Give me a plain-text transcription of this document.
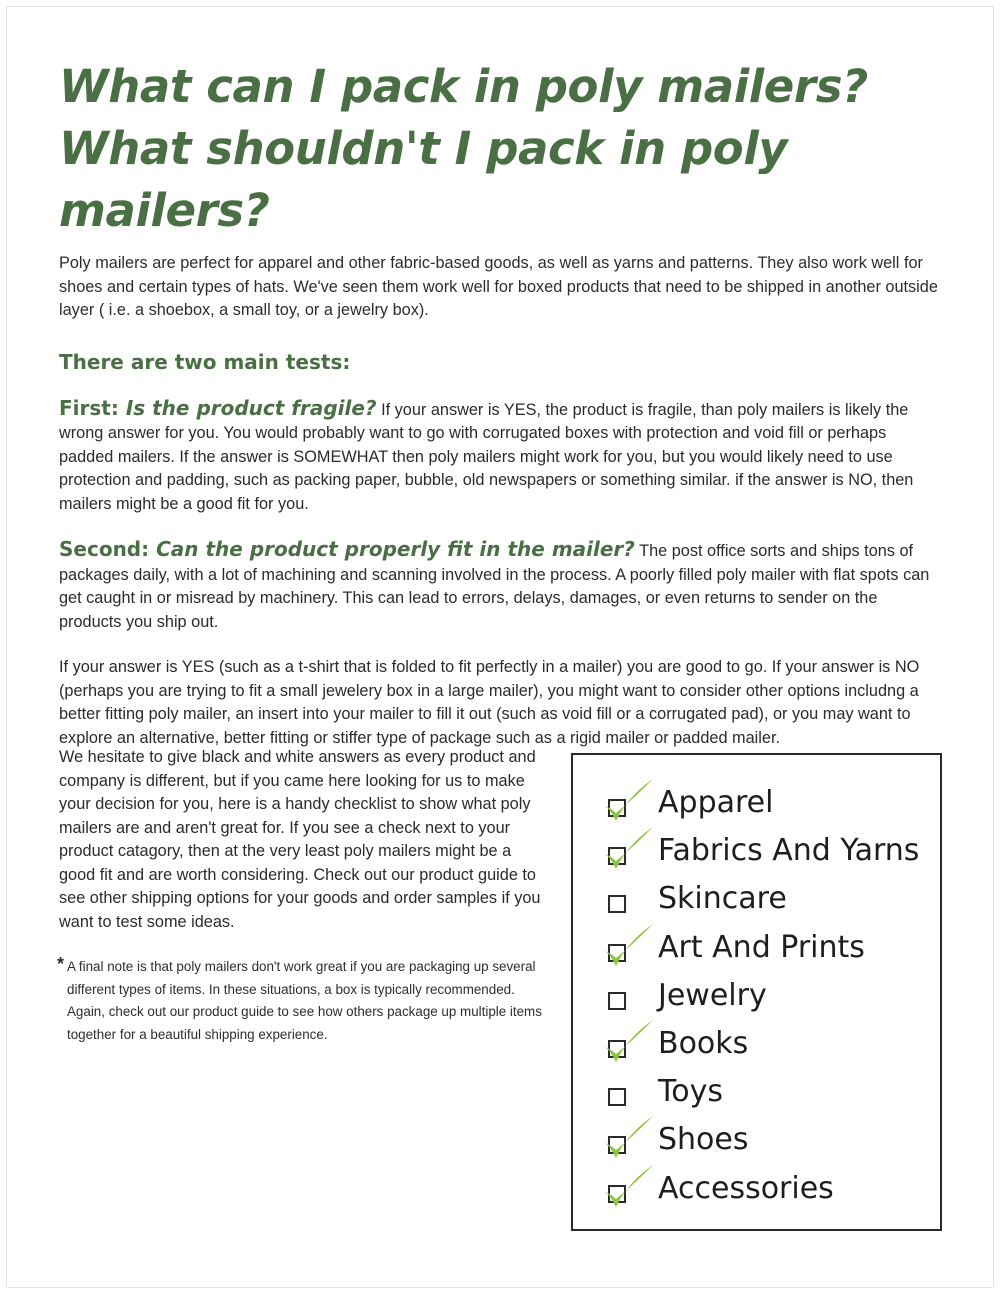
What can I pack in poly mailers?
What shouldn't I pack in poly mailers?

Poly mailers are perfect for apparel and other fabric-based goods, as well as yarns and patterns. They also work well for shoes and certain types of hats. We've seen them work well for boxed products that need to be shipped in another outside layer ( i.e. a shoebox, a small toy, or a jewelry box).

There are two main tests:

First: Is the product fragile? If your answer is YES, the product is fragile, than poly mailers is likely the wrong answer for you. You would probably want to go with corrugated boxes with protection and void fill or perhaps padded mailers. If the answer is SOMEWHAT then poly mailers might work for you, but you would likely need to use protection and padding, such as packing paper, bubble, old newspapers or something similar. if the answer is NO, then mailers might be a good fit for you.

Second: Can the product properly fit in the mailer? The post office sorts and ships tons of packages daily, with a lot of machining and scanning involved in the process. A poorly filled poly mailer with flat spots can get caught in or misread by machinery. This can lead to errors, delays, damages, or even returns to sender on the products you ship out.

If your answer is YES (such as a t-shirt that is folded to fit perfectly in a mailer) you are good to go. If your answer is NO (perhaps you are trying to fit a small jewelery box in a large mailer), you might want to consider other options includng a better fitting poly mailer, an insert into your mailer to fill it out (such as void fill or a corrugated pad), or you may want to explore an alternative, better fitting or stiffer type of package such as a rigid mailer or padded mailer.

We hesitate to give black and white answers as every product and company is different, but if you came here looking for us to make your decision for you, here is a handy checklist to show what poly mailers are and aren't great for. If you see a check next to your product catagory, then at the very least poly mailers might be a good fit and are worth considering. Check out our product guide to see other shipping options for your goods and order samples if you want to test some ideas.

* A final note is that poly mailers don't work great if you are packaging up several different types of items. In these situations, a box is typically recommended. Again, check out our product guide to see how others package up multiple items together for a beautiful shipping experience.
Apparel
Fabrics And Yarns
Skincare
Art And Prints
Jewelry
Books
Toys
Shoes
Accessories
